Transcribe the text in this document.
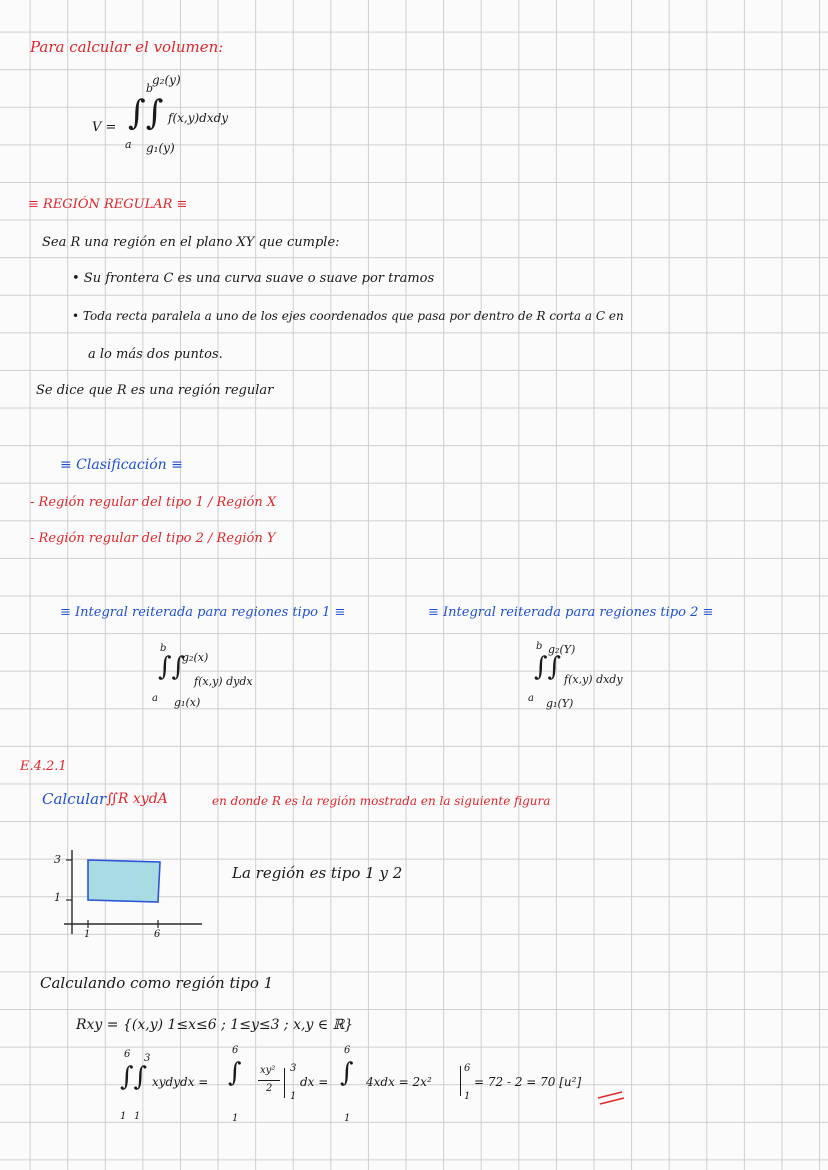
Para calcular el volumen:
V =
b
a
∫∫
g₂(y)
g₁(y)
f(x,y)dxdy
≡ REGIÓN REGULAR ≡
Sea R una región en el plano XY que cumple:
• Su frontera C es una curva suave o suave por tramos
• Toda recta paralela a uno de los ejes coordenados que pasa por dentro de R corta a C en
a lo más dos puntos.
Se dice que R es una región regular
≡ Clasificación ≡
- Región regular del tipo 1 / Región X
- Región regular del tipo 2 / Región Y
≡ Integral reiterada para regiones tipo 1 ≡
b
a
∫∫
g₂(x)
g₁(x)
f(x,y) dydx
≡ Integral reiterada para regiones tipo 2 ≡
b
a
∫∫
g₂(Y)
g₁(Y)
f(x,y) dxdy
E.4.2.1
Calcular ∬R xydA	en donde R es la región mostrada en la siguiente figura
3
1
1	6
La región es tipo 1 y 2
Calculando como región tipo 1
Rxy = {(x,y) 1≤x≤6 ; 1≤y≤3 ; x,y ∈ ℝ}
6 3
∫∫
1 1
xydydx =
6
∫
1
xy²
2
3
1
dx =
6
∫
1
4xdx = 2x²
6
1
= 72 - 2 = 70 [u²]
